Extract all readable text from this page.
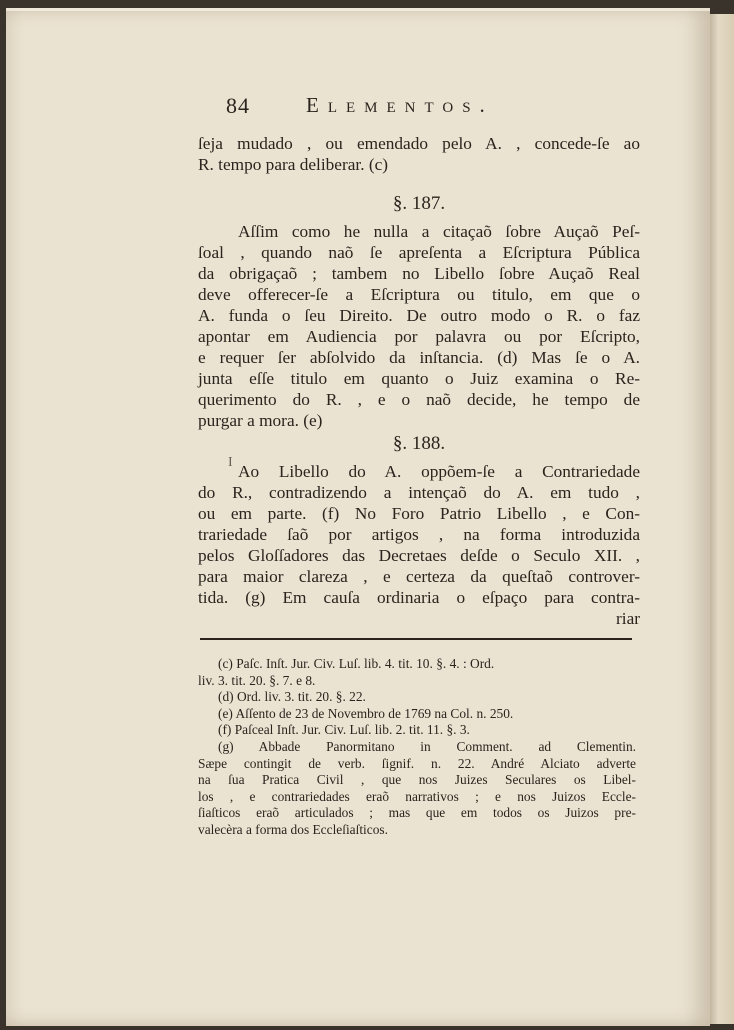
84	Elementos.
ſeja mudado , ou emendado pelo A. , concede-ſe ao
R. tempo para deliberar. (c)
§. 187.
Aſſim como he nulla a citaçaõ ſobre Auçaõ Peſ-
ſoal , quando naõ ſe apreſenta a Eſcriptura Pública
da obrigaçaõ ; tambem no Libello ſobre Auçaõ Real
deve offerecer-ſe a Eſcriptura ou titulo, em que o
A. funda o ſeu Direito. De outro modo o R. o faz
apontar em Audiencia por palavra ou por Eſcripto,
e requer ſer abſolvido da inſtancia. (d) Mas ſe o A.
junta eſſe titulo em quanto o Juiz examina o Re-
querimento do R. , e o naõ decide, he tempo de
purgar a mora. (e)
§. 188.
Ao Libello do A. oppõem-ſe a Contrariedade
do R., contradizendo a intençaõ do A. em tudo ,
ou em parte. (f) No Foro Patrio Libello , e Con-
trariedade ſaõ por artigos , na forma introduzida
pelos Gloſſadores das Decretaes deſde o Seculo XII. ,
para maior clareza , e certeza da queſtaõ controver-
tida. (g) Em cauſa ordinaria o eſpaço para contra-
riar
I
(c) Paſc. Inſt. Jur. Civ. Luſ. lib. 4. tit. 10. §. 4. : Ord.
liv. 3. tit. 20. §. 7. e 8.
(d) Ord. liv. 3. tit. 20. §. 22.
(e) Aſſento de 23 de Novembro de 1769 na Col. n. 250.
(f) Paſceal Inſt. Jur. Civ. Luſ. lib. 2. tit. 11. §. 3.
(g) Abbade Panormitano in Comment. ad Clementin.
Sæpe contingit de verb. ſignif. n. 22. André Alciato adverte
na ſua Pratica Civil , que nos Juizes Seculares os Libel-
los , e contrariedades eraõ narrativos ; e nos Juizos Eccle-
ſiaſticos eraõ articulados ; mas que em todos os Juizos pre-
valecèra a forma dos Eccleſiaſticos.
